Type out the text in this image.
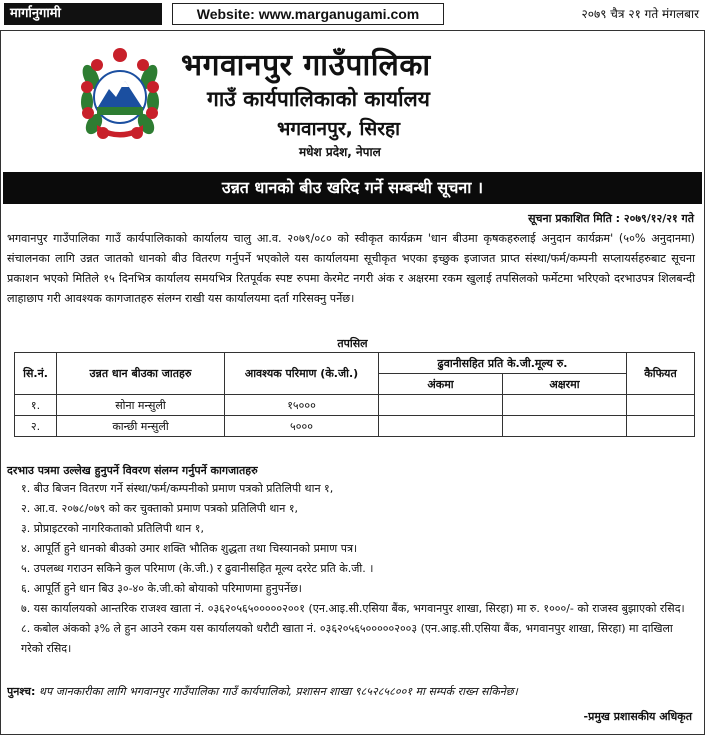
मार्गानुगामी	Website: www.marganugami.com	२०७९ चैत्र २१ गते मंगलबार
भगवानपुर गाउँपालिका
गाउँ कार्यपालिकाको कार्यालय
भगवानपुर, सिरहा
मधेश प्रदेश, नेपाल
उन्नत धानको बीउ खरिद गर्ने सम्बन्धी सूचना ।
सूचना प्रकाशित मिति : २०७९/१२/२१ गते
भगवानपुर गाउँपालिका गाउँ कार्यपालिकाको कार्यालय चालु आ.व. २०७९/०८० को स्वीकृत कार्यक्रम 'धान बीउमा कृषकहरुलाई अनुदान कार्यक्रम' (५०% अनुदानमा) संचालनका लागि उन्नत जातको धानको बीउ वितरण गर्नुपर्ने भएकोले यस कार्यालयमा सूचीकृत भएका इच्छुक इजाजत प्राप्त संस्था/फर्म/कम्पनी सप्लायर्सहरुबाट सूचना प्रकाशन भएको मितिले १५ दिनभित्र कार्यालय समयभित्र रितपूर्वक स्पष्ट रुपमा केरमेट नगरी अंक र अक्षरमा रकम खुलाई तपसिलको फर्मेटमा भरिएको दरभाउपत्र शिलबन्दी लाहाछाप गरी आवश्यक कागजातहरु संलग्न राखी यस कार्यालयमा दर्ता गरिसक्नु पर्नेछ।
तपसिल
सि.नं.	उन्नत धान बीउका जातहरु	आवश्यक परिमाण (के.जी.)	ढुवानीसहित प्रति के.जी.मूल्य रु.		कैफियत
			अंकमा	अक्षरमा	
१.	सोना मन्सुली	१५०००			
२.	कान्छी मन्सुली	५०००			
दरभाउ पत्रमा उल्लेख हुनुपर्ने विवरण संलग्न गर्नुपर्ने कागजातहरु
१. बीउ बिजन वितरण गर्ने संस्था/फर्म/कम्पनीको प्रमाण पत्रको प्रतिलिपी थान १,
२. आ.व. २०७८/०७९ को कर चुक्ताको प्रमाण पत्रको प्रतिलिपी थान १,
३. प्रोप्राइटरको नागरिकताको प्रतिलिपी थान १,
४. आपूर्ति हुने धानको बीउको उमार शक्ति भौतिक शुद्धता तथा चिस्यानको प्रमाण पत्र।
५. उपलब्ध गराउन सकिने कुल परिमाण (के.जी.) र ढुवानीसहित मूल्य दररेट प्रति के.जी. ।
६. आपूर्ति हुने धान बिउ ३०-४० के.जी.को बोयाको परिमाणमा हुनुपर्नेछ।
७. यस कार्यालयको आन्तरिक राजश्व खाता नं. ०३६२०५६५०००००२००१ (एन.आइ.सी.एसिया बैंक, भगवानपुर शाखा, सिरहा) मा रु. १०००/- को राजस्व बुझाएको रसिद।
८. कबोल अंकको ३% ले हुन आउने रकम यस कार्यालयको धरौटी खाता नं. ०३६२०५६५०००००२००३ (एन.आइ.सी.एसिया बैंक, भगवानपुर शाखा, सिरहा) मा दाखिला गरेको रसिद।
पुनश्च: थप जानकारीका लागि भगवानपुर गाउँपालिका गाउँ कार्यपालिको, प्रशासन शाखा ९८५२८५८००१ मा सम्पर्क राख्न सकिनेछ।
-प्रमुख प्रशासकीय अधिकृत
